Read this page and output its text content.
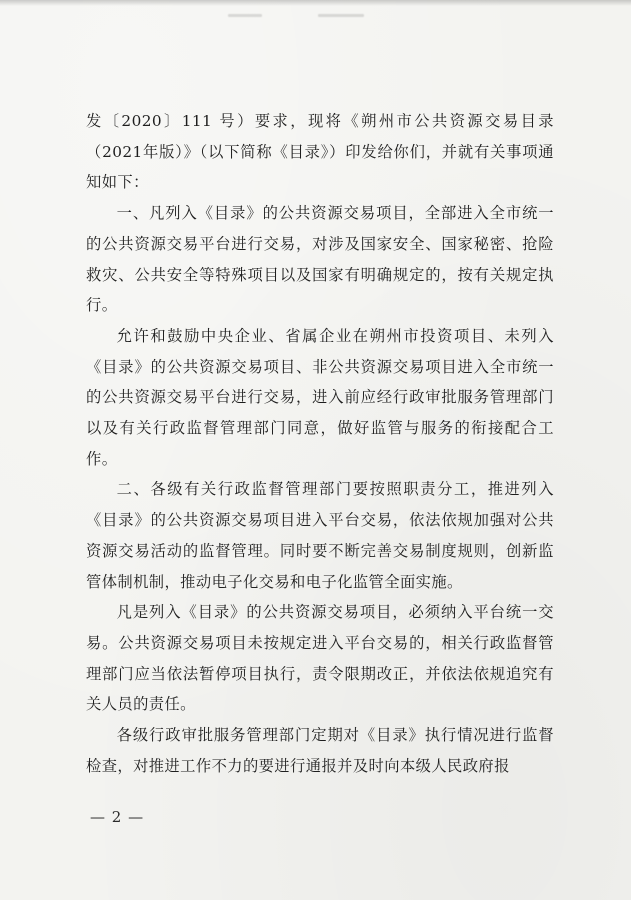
发〔2020〕111 号）要求，现将《朔州市公共资源交易目录（2021年版）》（以下简称《目录》）印发给你们，并就有关事项通知如下：

一、凡列入《目录》的公共资源交易项目，全部进入全市统一的公共资源交易平台进行交易，对涉及国家安全、国家秘密、抢险救灾、公共安全等特殊项目以及国家有明确规定的，按有关规定执行。

允许和鼓励中央企业、省属企业在朔州市投资项目、未列入《目录》的公共资源交易项目、非公共资源交易项目进入全市统一的公共资源交易平台进行交易，进入前应经行政审批服务管理部门以及有关行政监督管理部门同意，做好监管与服务的衔接配合工作。

二、各级有关行政监督管理部门要按照职责分工，推进列入《目录》的公共资源交易项目进入平台交易，依法依规加强对公共资源交易活动的监督管理。同时要不断完善交易制度规则，创新监管体制机制，推动电子化交易和电子化监管全面实施。

凡是列入《目录》的公共资源交易项目，必须纳入平台统一交易。公共资源交易项目未按规定进入平台交易的，相关行政监督管理部门应当依法暂停项目执行，责令限期改正，并依法依规追究有关人员的责任。

各级行政审批服务管理部门定期对《目录》执行情况进行监督检查，对推进工作不力的要进行通报并及时向本级人民政府报

— 2 —
